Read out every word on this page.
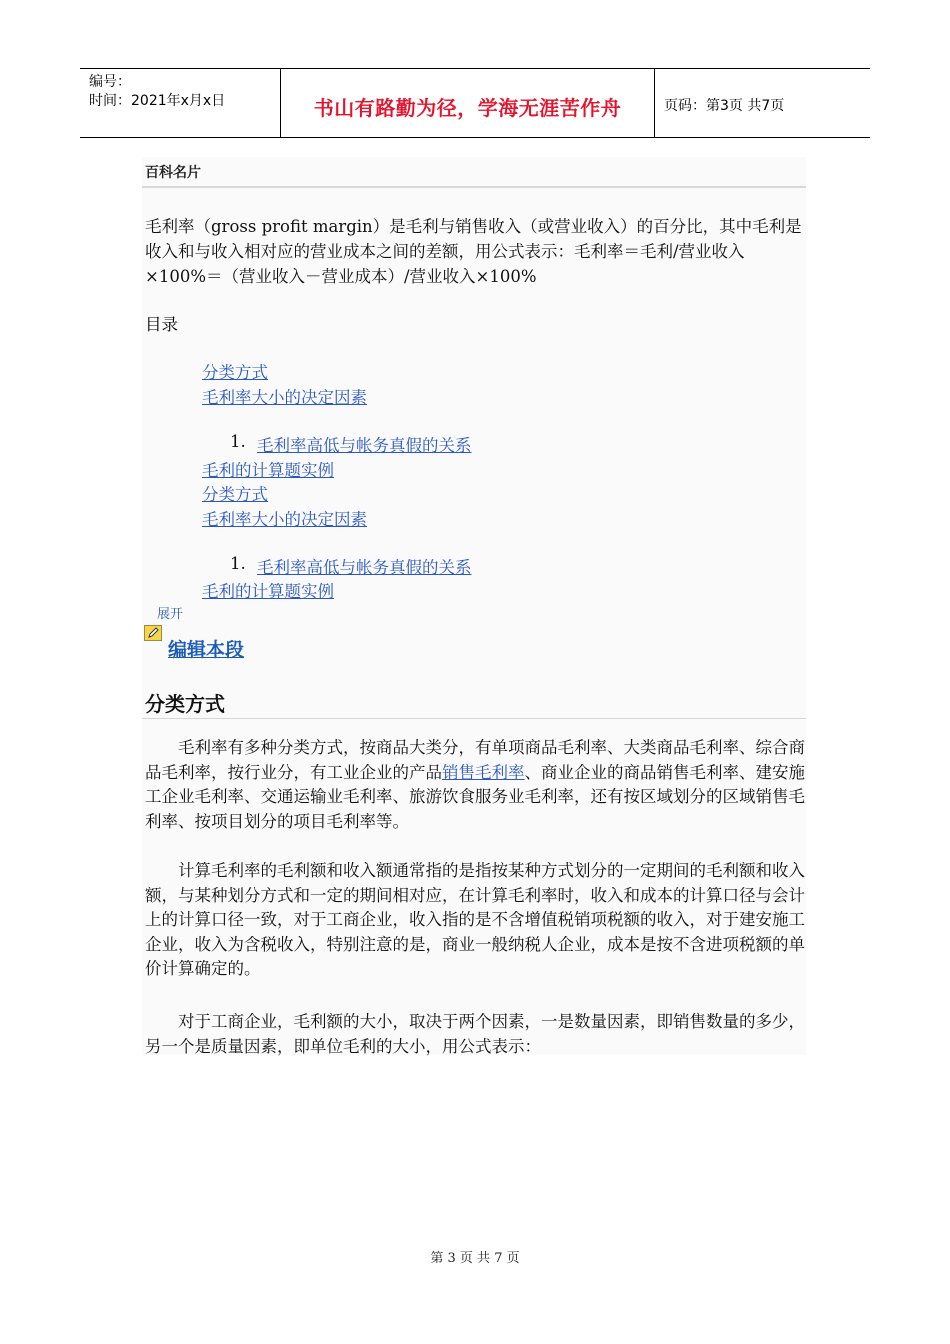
编号：
时间：2021年x月x日	书山有路勤为径，学海无涯苦作舟	页码：第3页 共7页
百科名片
毛利率（gross profit margin）是毛利与销售收入（或营业收入）的百分比，其中毛利是收入和与收入相对应的营业成本之间的差额，用公式表示：毛利率＝毛利/营业收入×100%＝（营业收入－营业成本）/营业收入×100%
目录
分类方式
毛利率大小的决定因素
1. 毛利率高低与帐务真假的关系
毛利的计算题实例
分类方式
毛利率大小的决定因素
1. 毛利率高低与帐务真假的关系
毛利的计算题实例
展开
编辑本段
分类方式
毛利率有多种分类方式，按商品大类分，有单项商品毛利率、大类商品毛利率、综合商品毛利率，按行业分，有工业企业的产品销售毛利率、商业企业的商品销售毛利率、建安施工企业毛利率、交通运输业毛利率、旅游饮食服务业毛利率，还有按区域划分的区域销售毛利率、按项目划分的项目毛利率等。
计算毛利率的毛利额和收入额通常指的是指按某种方式划分的一定期间的毛利额和收入额，与某种划分方式和一定的期间相对应，在计算毛利率时，收入和成本的计算口径与会计上的计算口径一致，对于工商企业，收入指的是不含增值税销项税额的收入，对于建安施工企业，收入为含税收入，特别注意的是，商业一般纳税人企业，成本是按不含进项税额的单价计算确定的。
对于工商企业，毛利额的大小，取决于两个因素，一是数量因素，即销售数量的多少，另一个是质量因素，即单位毛利的大小，用公式表示：
第 3 页 共 7 页
